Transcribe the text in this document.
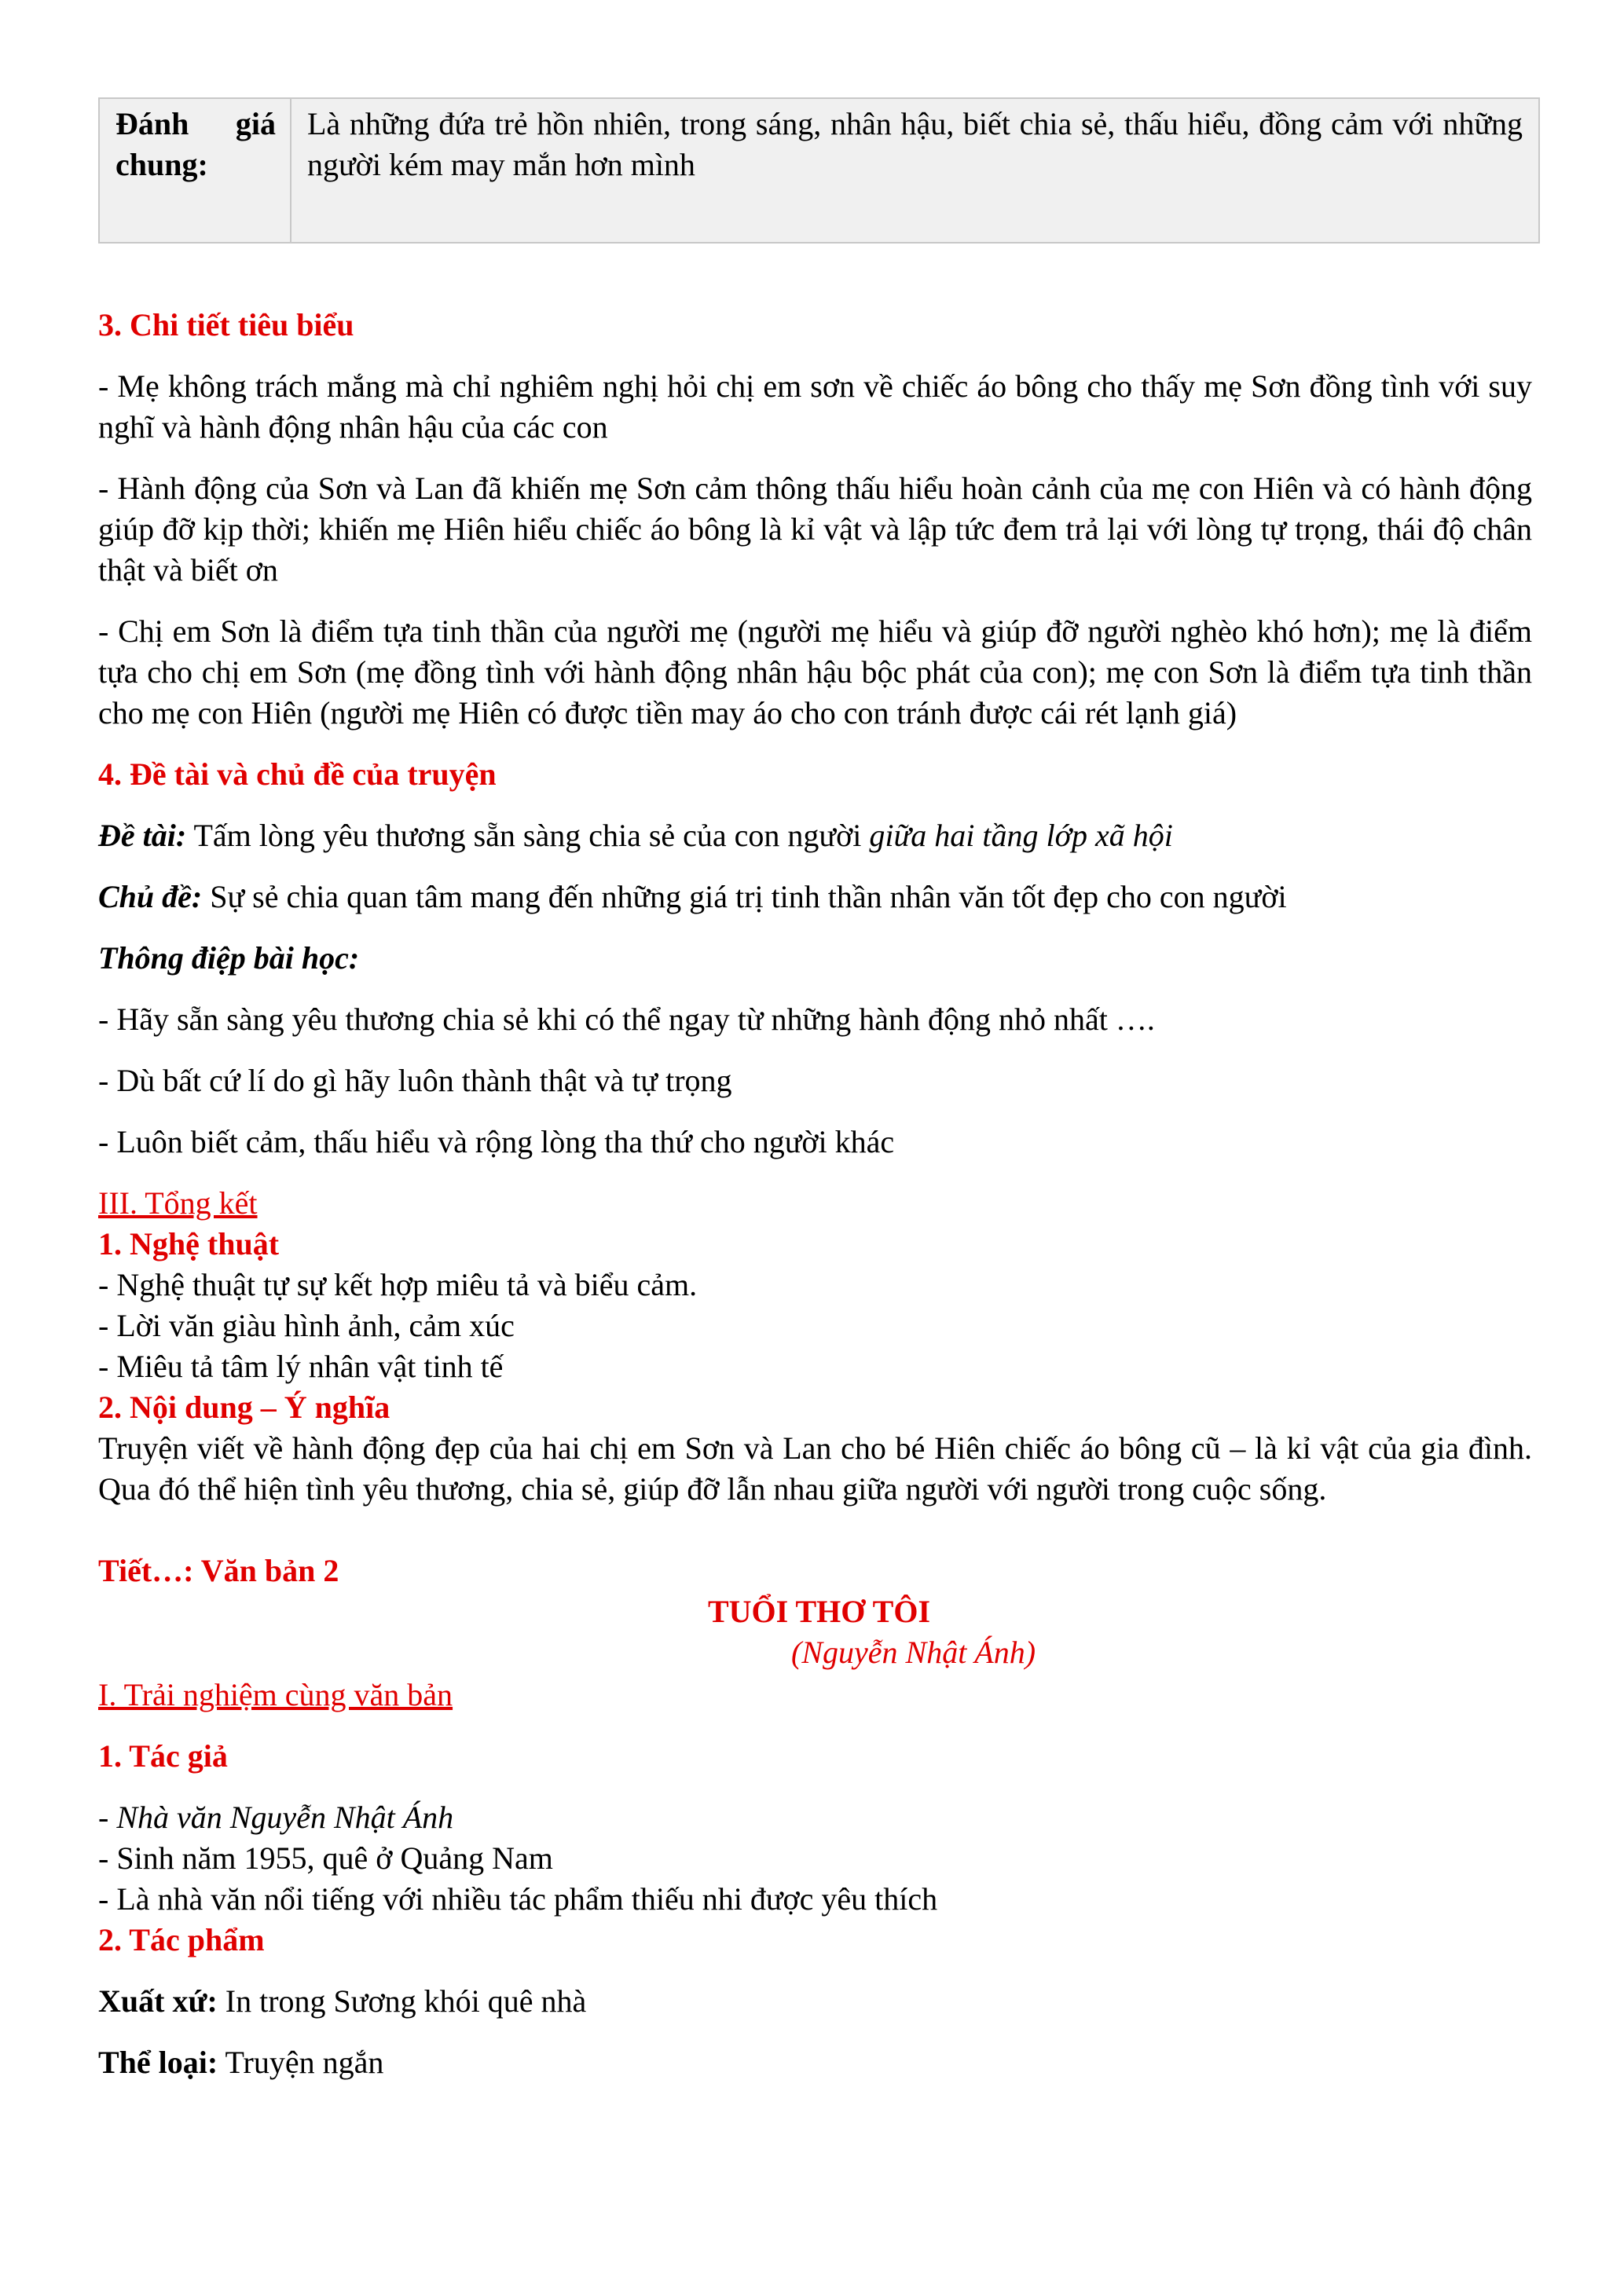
Đánh giá chung:	Là những đứa trẻ hồn nhiên, trong sáng, nhân hậu, biết chia sẻ, thấu hiểu, đồng cảm với những người kém may mắn hơn mình

3. Chi tiết tiêu biểu

- Mẹ không trách mắng mà chỉ nghiêm nghị hỏi chị em sơn về chiếc áo bông cho thấy mẹ Sơn đồng tình với suy nghĩ và hành động nhân hậu của các con

- Hành động của Sơn và Lan đã khiến mẹ Sơn cảm thông thấu hiểu hoàn cảnh của mẹ con Hiên và có hành động giúp đỡ kịp thời; khiến mẹ Hiên hiểu chiếc áo bông là kỉ vật và lập tức đem trả lại với lòng tự trọng, thái độ chân thật và biết ơn

- Chị em Sơn là điểm tựa tinh thần của người mẹ (người mẹ hiểu và giúp đỡ người nghèo khó hơn); mẹ là điểm tựa cho chị em Sơn (mẹ đồng tình với hành động nhân hậu bộc phát của con); mẹ con Sơn là điểm tựa tinh thần cho mẹ con Hiên (người mẹ Hiên có được tiền may áo cho con tránh được cái rét lạnh giá)

4. Đề tài và chủ đề của truyện

Đề tài: Tấm lòng yêu thương sẵn sàng chia sẻ của con người giữa hai tầng lớp xã hội

Chủ đề: Sự sẻ chia quan tâm mang đến những giá trị tinh thần nhân văn tốt đẹp cho con người

Thông điệp bài học:

- Hãy sẵn sàng yêu thương chia sẻ khi có thể ngay từ những hành động nhỏ nhất ….

- Dù bất cứ lí do gì hãy luôn thành thật và tự trọng

- Luôn biết cảm, thấu hiểu và rộng lòng tha thứ cho người khác

III. Tổng kết

1. Nghệ thuật

- Nghệ thuật tự sự kết hợp miêu tả và biểu cảm.

- Lời văn giàu hình ảnh, cảm xúc

- Miêu tả tâm lý nhân vật tinh tế

2. Nội dung – Ý nghĩa

Truyện viết về hành động đẹp của hai chị em Sơn và Lan cho bé Hiên chiếc áo bông cũ – là kỉ vật của gia đình. Qua đó thể hiện tình yêu thương, chia sẻ, giúp đỡ lẫn nhau giữa người với người trong cuộc sống.

Tiết…: Văn bản 2

TUỔI THƠ TÔI

(Nguyễn Nhật Ánh)

I. Trải nghiệm cùng văn bản

1. Tác giả

- Nhà văn Nguyễn Nhật Ánh

- Sinh năm 1955, quê ở Quảng Nam

- Là nhà văn nổi tiếng với nhiều tác phẩm thiếu nhi được yêu thích

2. Tác phẩm

Xuất xứ: In trong Sương khói quê nhà

Thể loại: Truyện ngắn
